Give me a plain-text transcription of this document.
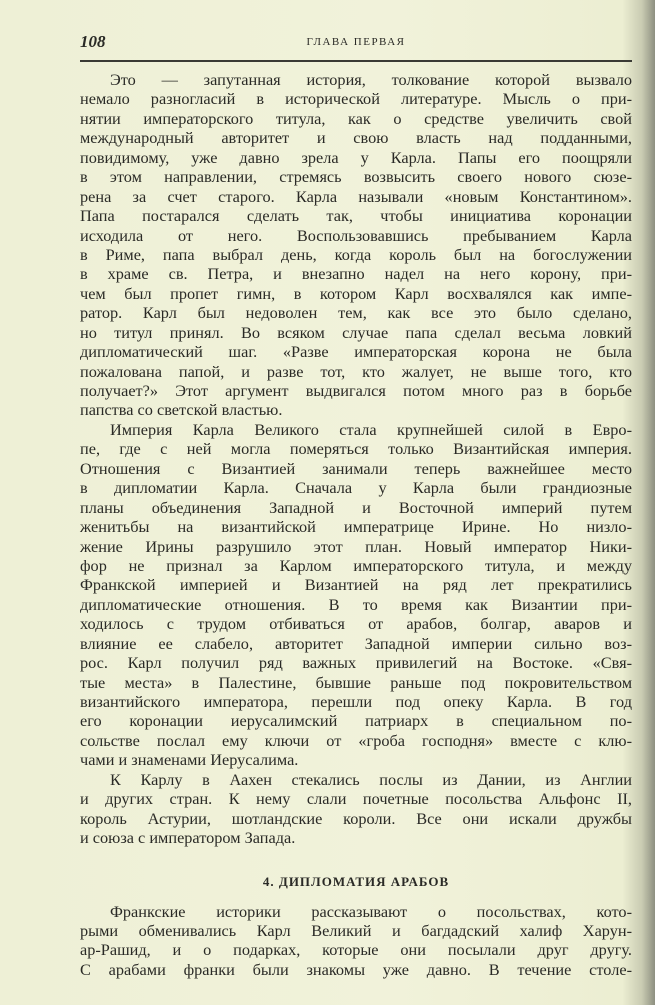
108	ГЛАВА ПЕРВАЯ
Это — запутанная история, толкование которой вызвало
немало разногласий в исторической литературе. Мысль о при-
нятии императорского титула, как о средстве увеличить свой
международный авторитет и свою власть над подданными,
повидимому, уже давно зрела у Карла. Папы его поощряли
в этом направлении, стремясь возвысить своего нового сюзе-
рена за счет старого. Карла называли «новым Константином».
Папа постарался сделать так, чтобы инициатива коронации
исходила от него. Воспользовавшись пребыванием Карла
в Риме, папа выбрал день, когда король был на богослужении
в храме св. Петра, и внезапно надел на него корону, при-
чем был пропет гимн, в котором Карл восхвалялся как импе-
ратор. Карл был недоволен тем, как все это было сделано,
но титул принял. Во всяком случае папа сделал весьма ловкий
дипломатический шаг. «Разве императорская корона не была
пожалована папой, и разве тот, кто жалует, не выше того, кто
получает?» Этот аргумент выдвигался потом много раз в борьбе
папства со светской властью.
Империя Карла Великого стала крупнейшей силой в Евро-
пе, где с ней могла померяться только Византийская империя.
Отношения с Византией занимали теперь важнейшее место
в дипломатии Карла. Сначала у Карла были грандиозные
планы объединения Западной и Восточной империй путем
женитьбы на византийской императрице Ирине. Но низло-
жение Ирины разрушило этот план. Новый император Ники-
фор не признал за Карлом императорского титула, и между
Франкской империей и Византией на ряд лет прекратились
дипломатические отношения. В то время как Византии при-
ходилось с трудом отбиваться от арабов, болгар, аваров и
влияние ее слабело, авторитет Западной империи сильно воз-
рос. Карл получил ряд важных привилегий на Востоке. «Свя-
тые места» в Палестине, бывшие раньше под покровительством
византийского императора, перешли под опеку Карла. В год
его коронации иерусалимский патриарх в специальном по-
сольстве послал ему ключи от «гроба господня» вместе с клю-
чами и знаменами Иерусалима.
К Карлу в Аахен стекались послы из Дании, из Англии
и других стран. К нему слали почетные посольства Альфонс II,
король Астурии, шотландские короли. Все они искали дружбы
и союза с императором Запада.
4. ДИПЛОМАТИЯ АРАБОВ
Франкские историки рассказывают о посольствах, кото-
рыми обменивались Карл Великий и багдадский халиф Харун-
ар-Рашид, и о подарках, которые они посылали друг другу.
С арабами франки были знакомы уже давно. В течение столе-
